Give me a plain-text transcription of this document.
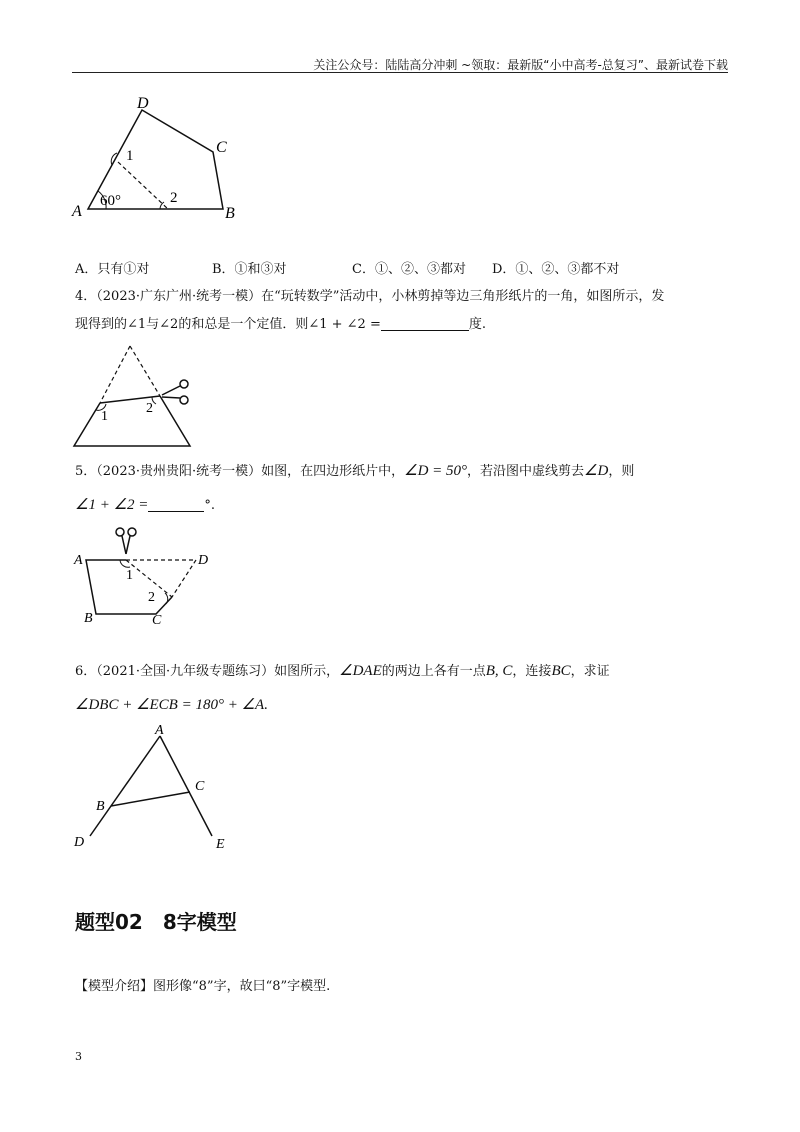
关注公众号：陆陆高分冲刺 ~领取：最新版“小中高考-总复习”、最新试卷下载
D
C
A	B
1
2
60°
A．只有①对	B．①和③对	C．①、②、③都对 D．①、②、③都不对
4．（2023·广东广州·统考一模）在“玩转数学”活动中，小林剪掉等边三角形纸片的一角，如图所示，发
现得到的∠1与∠2的和总是一个定值．则∠1 + ∠2 =	度.
1
2
5．（2023·贵州贵阳·统考一模）如图，在四边形纸片中，∠D = 50°，若沿图中虚线剪去∠D，则
∠1 + ∠2 =	°.
A	D
B	C
1
2
6．（2021·全国·九年级专题练习）如图所示，∠DAE的两边上各有一点B, C，连接BC，求证
∠DBC + ∠ECB = 180° + ∠A.
A
B
C
D	E
题型02　8字模型
【模型介绍】图形像“8”字，故曰“8”字模型.
3
